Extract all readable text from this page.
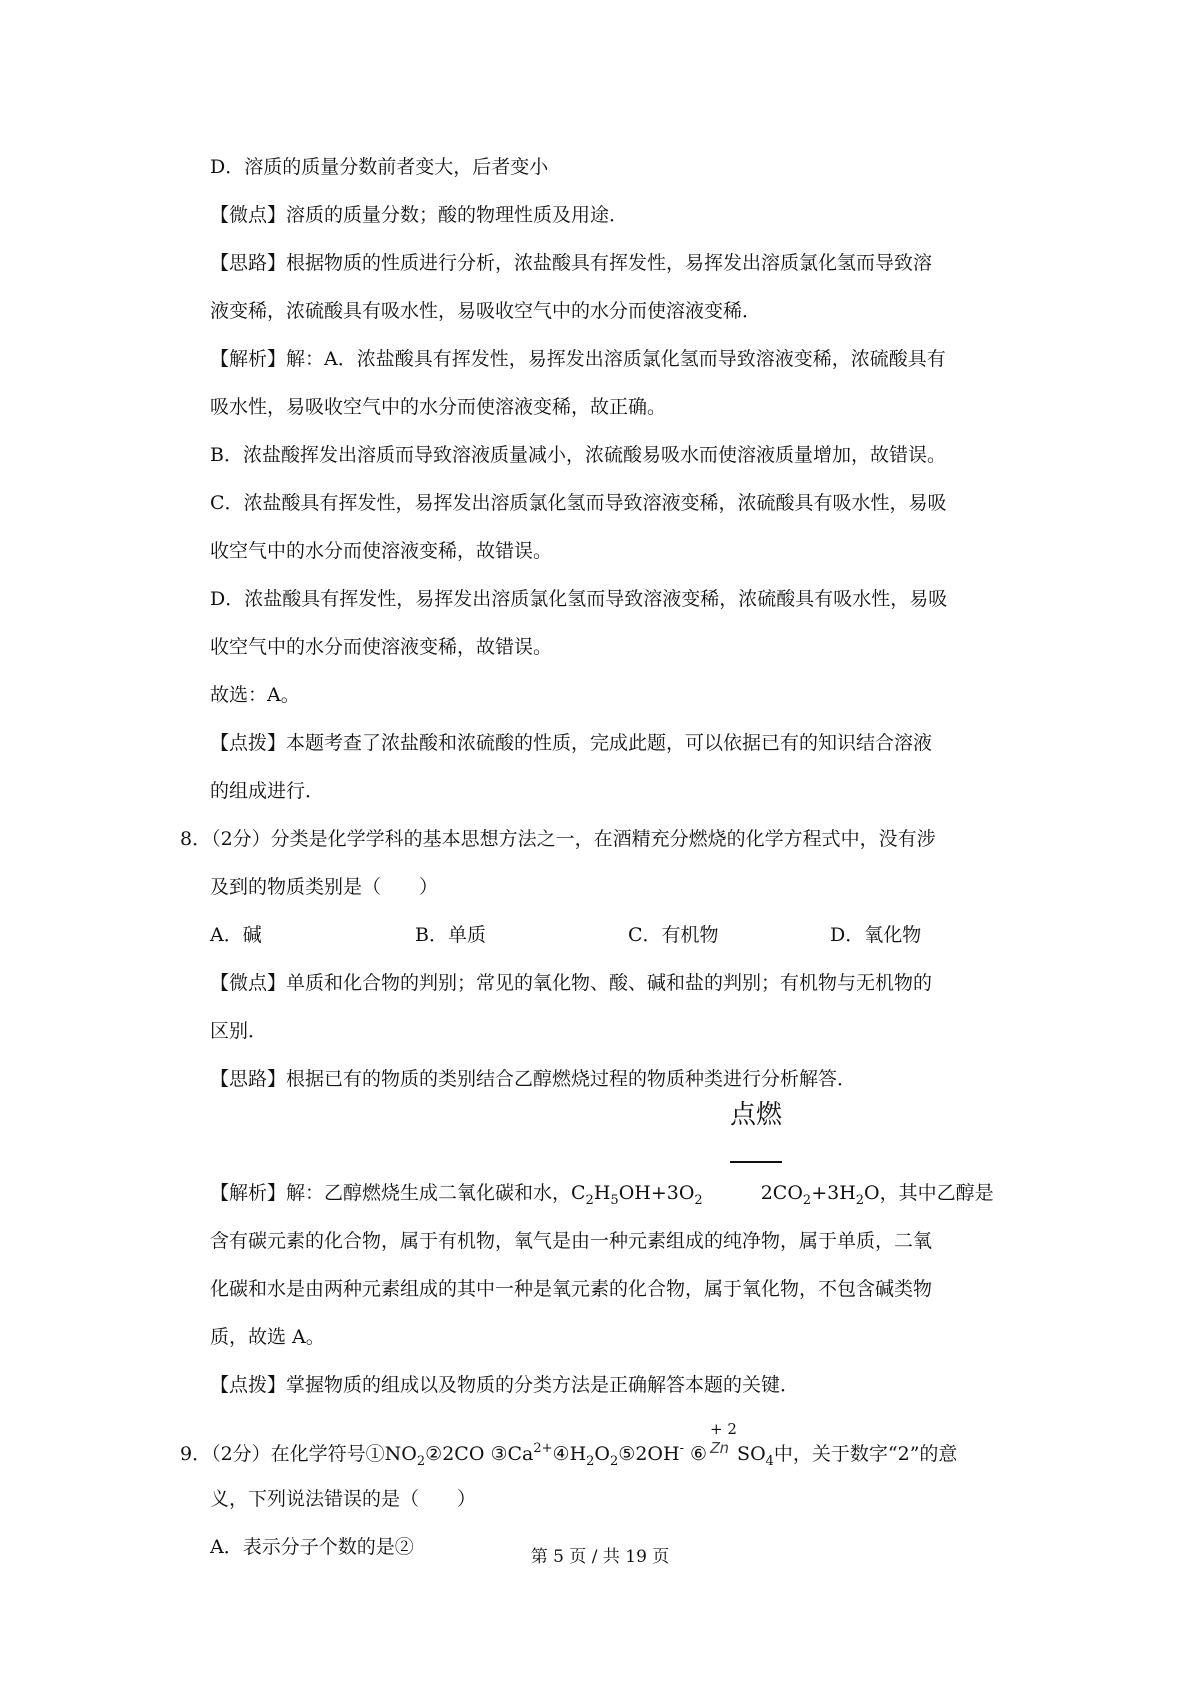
D．溶质的质量分数前者变大，后者变小
【微点】溶质的质量分数；酸的物理性质及用途．
【思路】根据物质的性质进行分析，浓盐酸具有挥发性，易挥发出溶质氯化氢而导致溶
液变稀，浓硫酸具有吸水性，易吸收空气中的水分而使溶液变稀．
【解析】解：A．浓盐酸具有挥发性，易挥发出溶质氯化氢而导致溶液变稀，浓硫酸具有
吸水性，易吸收空气中的水分而使溶液变稀，故正确。
B．浓盐酸挥发出溶质而导致溶液质量减小，浓硫酸易吸水而使溶液质量增加，故错误。
C．浓盐酸具有挥发性，易挥发出溶质氯化氢而导致溶液变稀，浓硫酸具有吸水性，易吸
收空气中的水分而使溶液变稀，故错误。
D．浓盐酸具有挥发性，易挥发出溶质氯化氢而导致溶液变稀，浓硫酸具有吸水性，易吸
收空气中的水分而使溶液变稀，故错误。
故选：A。
【点拨】本题考查了浓盐酸和浓硫酸的性质，完成此题，可以依据已有的知识结合溶液
的组成进行．
8．（2分）分类是化学学科的基本思想方法之一，在酒精充分燃烧的化学方程式中，没有涉
及到的物质类别是（　　）
A．碱	B．单质	C．有机物	D．氧化物
【微点】单质和化合物的判别；常见的氧化物、酸、碱和盐的判别；有机物与无机物的
区别．
【思路】根据已有的物质的类别结合乙醇燃烧过程的物质种类进行分析解答．
点燃
【解析】解：乙醇燃烧生成二氧化碳和水，$C_2H_5OH+3O_2$	$2CO_2+3H_2O$，其中乙醇是
含有碳元素的化合物，属于有机物，氧气是由一种元素组成的纯净物，属于单质，二氧
化碳和水是由两种元素组成的其中一种是氧元素的化合物，属于氧化物，不包含碱类物
质，故选 A。
【点拨】掌握物质的组成以及物质的分类方法是正确解答本题的关键．
9．（2分）在化学符号$①NO_2②2CO$ $③Ca^{2+}④H_2O_2⑤2OH^-$ ⑥
+ 2
Zn $SO_4$中，关于数字“2”的意
义，下列说法错误的是（　　）
A．表示分子个数的是②	第 5 页 / 共 19 页
